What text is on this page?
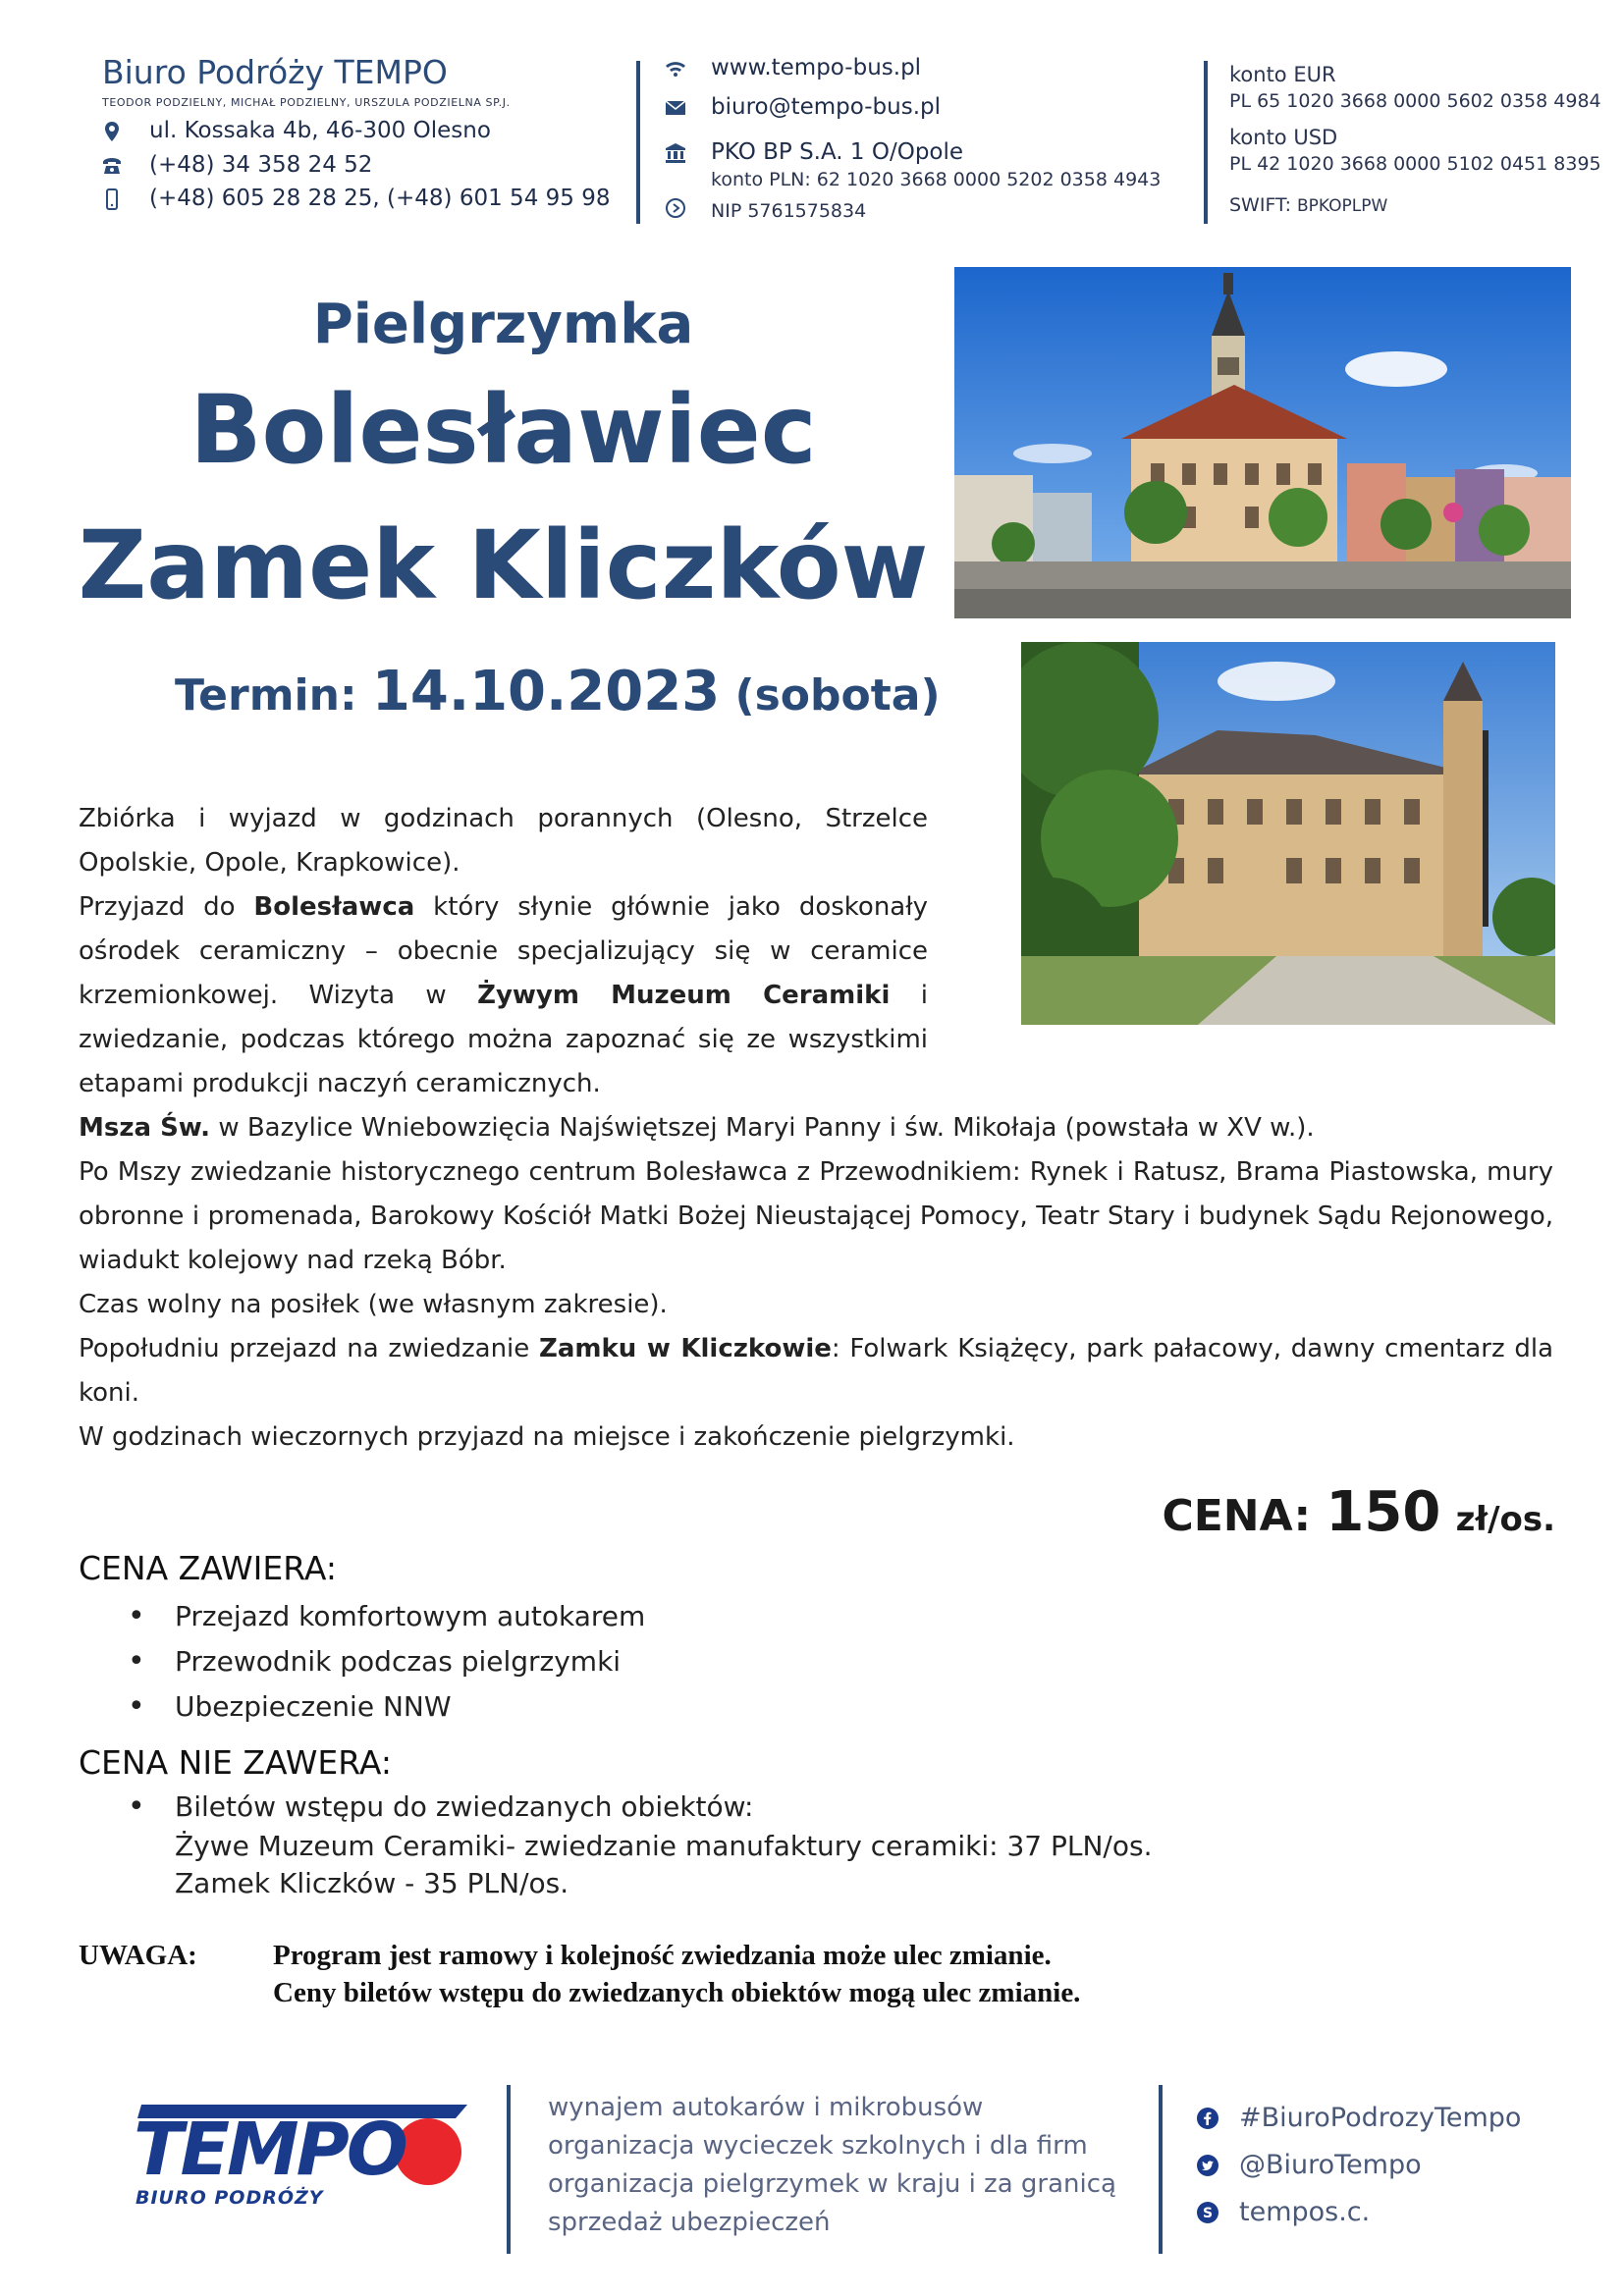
Biuro Podróży TEMPO
TEODOR PODZIELNY, MICHAŁ PODZIELNY, URSZULA PODZIELNA SP.J.
ul. Kossaka 4b, 46-300 Olesno
(+48) 34 358 24 52
(+48) 605 28 28 25, (+48) 601 54 95 98
www.tempo-bus.pl
biuro@tempo-bus.pl
PKO BP S.A. 1 O/Opole
konto PLN: 62 1020 3668 0000 5202 0358 4943
NIP 5761575834
konto EUR
PL 65 1020 3668 0000 5602 0358 4984
konto USD
PL 42 1020 3668 0000 5102 0451 8395
SWIFT: BPKOPLPW
Pielgrzymka
Bolesławiec
Zamek Kliczków
Termin: 14.10.2023 (sobota)

Zbiórka i wyjazd w godzinach porannych (Olesno, Strzelce Opolskie, Opole, Krapkowice).

Przyjazd do Bolesławca który słynie głównie jako doskonały ośrodek ceramiczny – obecnie specjalizujący się w ceramice krzemionkowej. Wizyta w Żywym Muzeum Ceramiki i zwiedzanie, podczas którego można zapoznać się ze wszystkimi etapami produkcji naczyń ceramicznych.

Msza Św. w Bazylice Wniebowzięcia Najświętszej Maryi Panny i św. Mikołaja (powstała w XV w.).

Po Mszy zwiedzanie historycznego centrum Bolesławca z Przewodnikiem: Rynek i Ratusz, Brama Piastowska, mury obronne i promenada, Barokowy Kościół Matki Bożej Nieustającej Pomocy, Teatr Stary i budynek Sądu Rejonowego, wiadukt kolejowy nad rzeką Bóbr.

Czas wolny na posiłek (we własnym zakresie).

Popołudniu przejazd na zwiedzanie Zamku w Kliczkowie: Folwark Książęcy, park pałacowy, dawny cmentarz dla koni.

W godzinach wieczornych przyjazd na miejsce i zakończenie pielgrzymki.

CENA: 150 zł/os.
CENA ZAWIERA:
• Przejazd komfortowym autokarem
• Przewodnik podczas pielgrzymki
• Ubezpieczenie NNW
CENA NIE ZAWERA:
• Biletów wstępu do zwiedzanych obiektów:
Żywe Muzeum Ceramiki- zwiedzanie manufaktury ceramiki: 37 PLN/os.
Zamek Kliczków - 35 PLN/os.
UWAGA:	Program jest ramowy i kolejność zwiedzania może ulec zmianie.
Ceny biletów wstępu do zwiedzanych obiektów mogą ulec zmianie.
TEMPO
BIURO PODRÓŻY
wynajem autokarów i mikrobusów
organizacja wycieczek szkolnych i dla firm
organizacja pielgrzymek w kraju i za granicą
sprzedaż ubezpieczeń
#BiuroPodrozyTempo
@BiuroTempo
S tempos.c.
